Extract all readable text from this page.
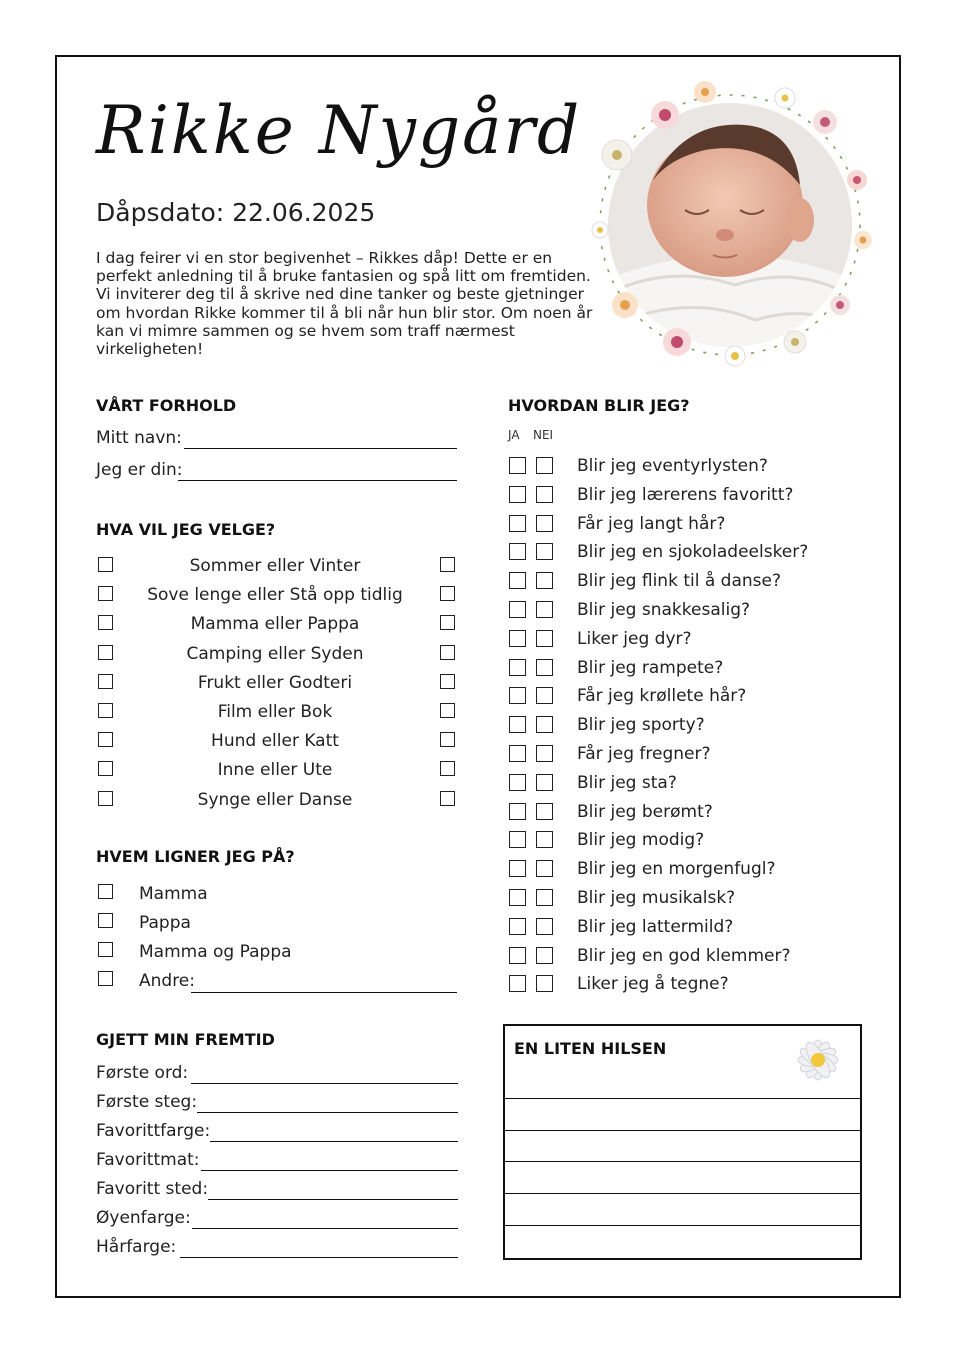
Rikke Nygård
Dåpsdato: 22.06.2025
I dag feirer vi en stor begivenhet – Rikkes dåp! Dette er en perfekt anledning til å bruke fantasien og spå litt om fremtiden. Vi inviterer deg til å skrive ned dine tanker og beste gjetninger om hvordan Rikke kommer til å bli når hun blir stor. Om noen år kan vi mimre sammen og se hvem som traff nærmest virkeligheten!
VÅRT FORHOLD
Mitt navn:
Jeg er din:
HVA VIL JEG VELGE?
Sommer eller Vinter
Sove lenge eller Stå opp tidlig
Mamma eller Pappa
Camping eller Syden
Frukt eller Godteri
Film eller Bok
Hund eller Katt
Inne eller Ute
Synge eller Danse
HVEM LIGNER JEG PÅ?
Mamma
Pappa
Mamma og Pappa
Andre:
GJETT MIN FREMTID
Første ord:
Første steg:
Favorittfarge:
Favorittmat:
Favoritt sted:
Øyenfarge:
Hårfarge:
HVORDAN BLIR JEG?
JA NEI
Blir jeg eventyrlysten?
Blir jeg lærerens favoritt?
Får jeg langt hår?
Blir jeg en sjokoladeelsker?
Blir jeg flink til å danse?
Blir jeg snakkesalig?
Liker jeg dyr?
Blir jeg rampete?
Får jeg krøllete hår?
Blir jeg sporty?
Får jeg fregner?
Blir jeg sta?
Blir jeg berømt?
Blir jeg modig?
Blir jeg en morgenfugl?
Blir jeg musikalsk?
Blir jeg lattermild?
Blir jeg en god klemmer?
Liker jeg å tegne?
EN LITEN HILSEN
